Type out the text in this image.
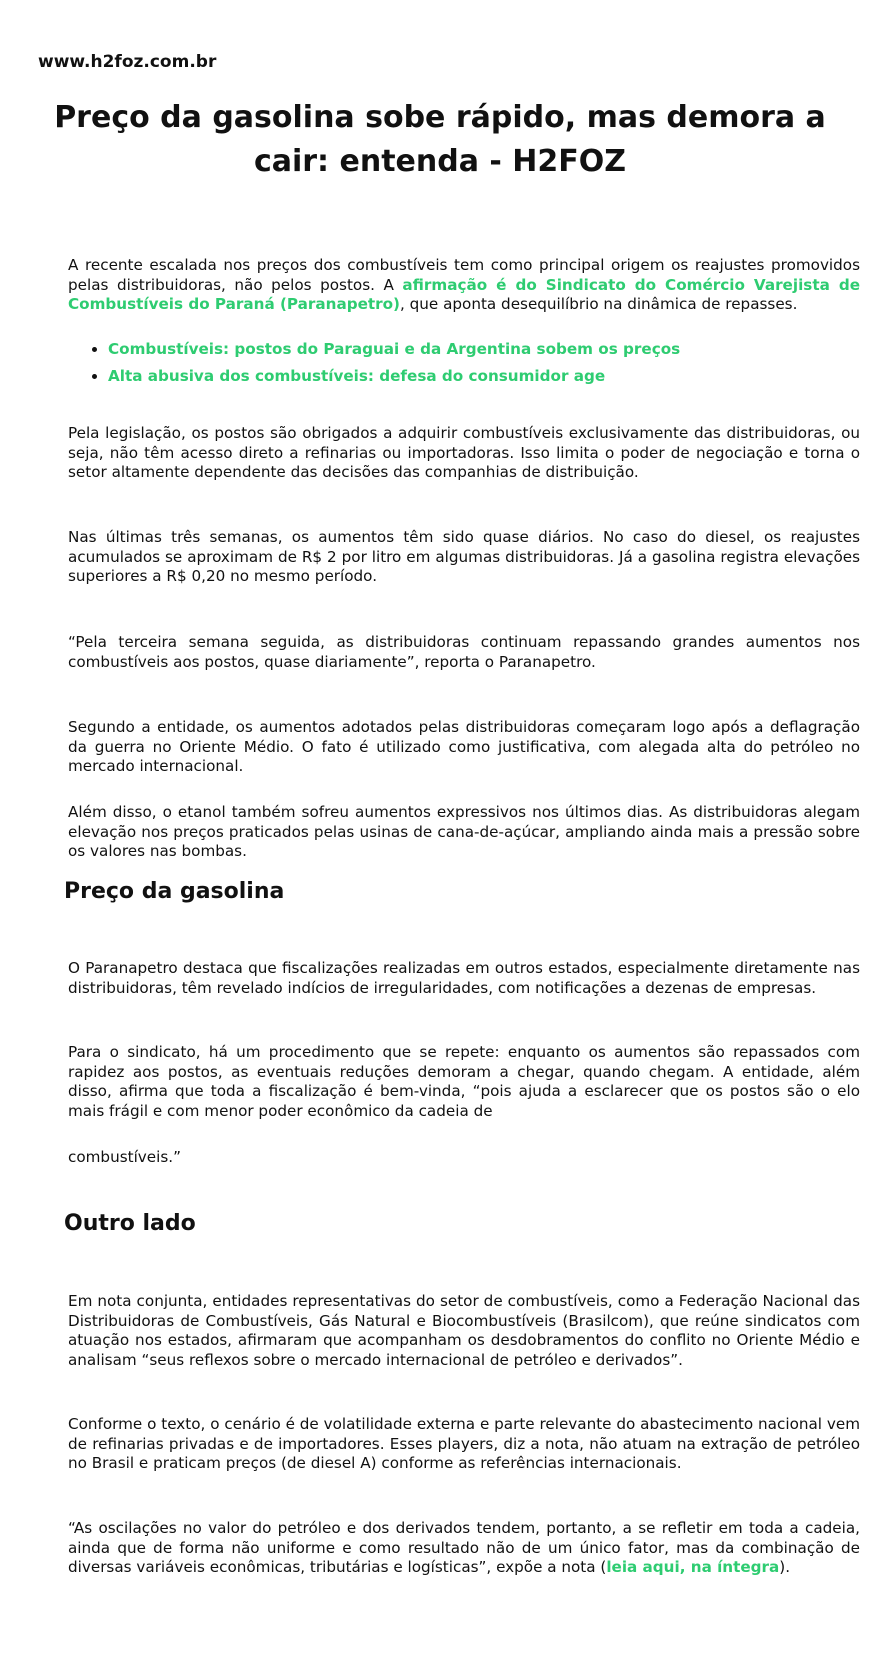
www.h2foz.com.br
Preço da gasolina sobe rápido, mas demora a cair: entenda - H2FOZ

A recente escalada nos preços dos combustíveis tem como principal origem os reajustes promovidos pelas distribuidoras, não pelos postos. A afirmação é do Sindicato do Comércio Varejista de Combustíveis do Paraná (Paranapetro), que aponta desequilíbrio na dinâmica de repasses.

• Combustíveis: postos do Paraguai e da Argentina sobem os preços
• Alta abusiva dos combustíveis: defesa do consumidor age

Pela legislação, os postos são obrigados a adquirir combustíveis exclusivamente das distribuidoras, ou seja, não têm acesso direto a refinarias ou importadoras. Isso limita o poder de negociação e torna o setor altamente dependente das decisões das companhias de distribuição.

Nas últimas três semanas, os aumentos têm sido quase diários. No caso do diesel, os reajustes acumulados se aproximam de R$ 2 por litro em algumas distribuidoras. Já a gasolina registra elevações superiores a R$ 0,20 no mesmo período.

“Pela terceira semana seguida, as distribuidoras continuam repassando grandes aumentos nos combustíveis aos postos, quase diariamente”, reporta o Paranapetro.

Segundo a entidade, os aumentos adotados pelas distribuidoras começaram logo após a deflagração da guerra no Oriente Médio. O fato é utilizado como justificativa, com alegada alta do petróleo no mercado internacional.

Além disso, o etanol também sofreu aumentos expressivos nos últimos dias. As distribuidoras alegam elevação nos preços praticados pelas usinas de cana-de-açúcar, ampliando ainda mais a pressão sobre os valores nas bombas.

Preço da gasolina

O Paranapetro destaca que fiscalizações realizadas em outros estados, especialmente diretamente nas distribuidoras, têm revelado indícios de irregularidades, com notificações a dezenas de empresas.

Para o sindicato, há um procedimento que se repete: enquanto os aumentos são repassados com rapidez aos postos, as eventuais reduções demoram a chegar, quando chegam. A entidade, além disso, afirma que toda a fiscalização é bem-vinda, “pois ajuda a esclarecer que os postos são o elo mais frágil e com menor poder econômico da cadeia de

combustíveis.”

Outro lado

Em nota conjunta, entidades representativas do setor de combustíveis, como a Federação Nacional das Distribuidoras de Combustíveis, Gás Natural e Biocombustíveis (Brasilcom), que reúne sindicatos com atuação nos estados, afirmaram que acompanham os desdobramentos do conflito no Oriente Médio e analisam “seus reflexos sobre o mercado internacional de petróleo e derivados”.

Conforme o texto, o cenário é de volatilidade externa e parte relevante do abastecimento nacional vem de refinarias privadas e de importadores. Esses players, diz a nota, não atuam na extração de petróleo no Brasil e praticam preços (de diesel A) conforme as referências internacionais.

“As oscilações no valor do petróleo e dos derivados tendem, portanto, a se refletir em toda a cadeia, ainda que de forma não uniforme e como resultado não de um único fator, mas da combinação de diversas variáveis econômicas, tributárias e logísticas”, expõe a nota (leia aqui, na íntegra).
